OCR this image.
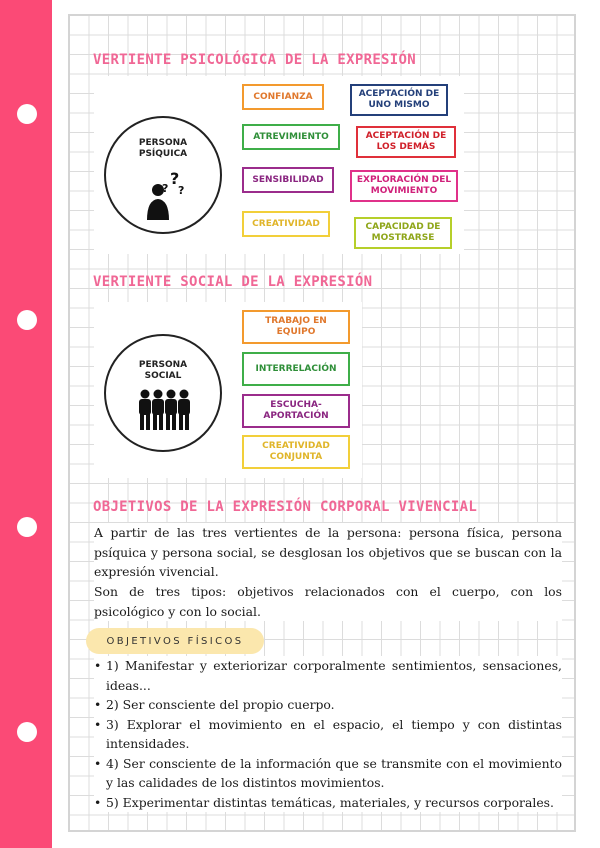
VERTIENTE PSICOLÓGICA DE LA EXPRESIÓN
PERSONA PSÍQUICA
?
? ?
CONFIANZA	ACEPTACIÓN DE UNO MISMO
ATREVIMIENTO	ACEPTACIÓN DE LOS DEMÁS
SENSIBILIDAD	EXPLORACIÓN DEL MOVIMIENTO
CREATIVIDAD	CAPACIDAD DE MOSTRARSE
VERTIENTE SOCIAL DE LA EXPRESIÓN
PERSONA SOCIAL
TRABAJO EN EQUIPO
INTERRELACIÓN
ESCUCHA-APORTACIÓN
CREATIVIDAD CONJUNTA
OBJETIVOS DE LA EXPRESIÓN CORPORAL VIVENCIAL

A partir de las tres vertientes de la persona: persona física, persona psíquica y persona social, se desglosan los objetivos que se buscan con la expresión vivencial.

Son de tres tipos: objetivos relacionados con el cuerpo, con los psicológico y con lo social.

OBJETIVOS FÍSICOS
• 1) Manifestar y exteriorizar corporalmente sentimientos, sensaciones, ideas...
• 2) Ser consciente del propio cuerpo.
• 3) Explorar el movimiento en el espacio, el tiempo y con distintas intensidades.
• 4) Ser consciente de la información que se transmite con el movimiento y las calidades de los distintos movimientos.
• 5) Experimentar distintas temáticas, materiales, y recursos corporales.
